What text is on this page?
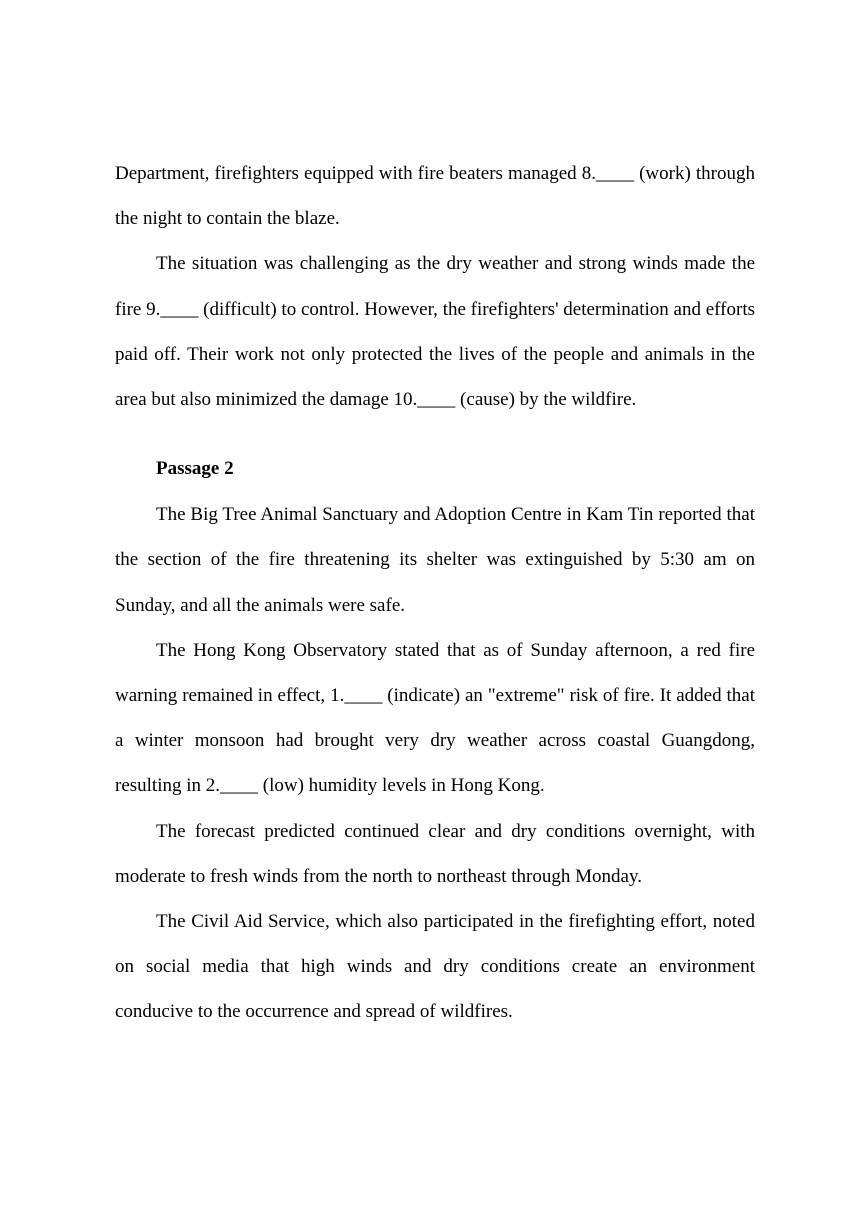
Department, firefighters equipped with fire beaters managed 8.____ (work) through the night to contain the blaze.

The situation was challenging as the dry weather and strong winds made the fire 9.____ (difficult) to control. However, the firefighters' determination and efforts paid off. Their work not only protected the lives of the people and animals in the area but also minimized the damage 10.____ (cause) by the wildfire.

Passage 2

The Big Tree Animal Sanctuary and Adoption Centre in Kam Tin reported that the section of the fire threatening its shelter was extinguished by 5:30 am on Sunday, and all the animals were safe.

The Hong Kong Observatory stated that as of Sunday afternoon, a red fire warning remained in effect, 1.____ (indicate) an "extreme" risk of fire. It added that a winter monsoon had brought very dry weather across coastal Guangdong, resulting in 2.____ (low) humidity levels in Hong Kong.

The forecast predicted continued clear and dry conditions overnight, with moderate to fresh winds from the north to northeast through Monday.

The Civil Aid Service, which also participated in the firefighting effort, noted on social media that high winds and dry conditions create an environment conducive to the occurrence and spread of wildfires.
